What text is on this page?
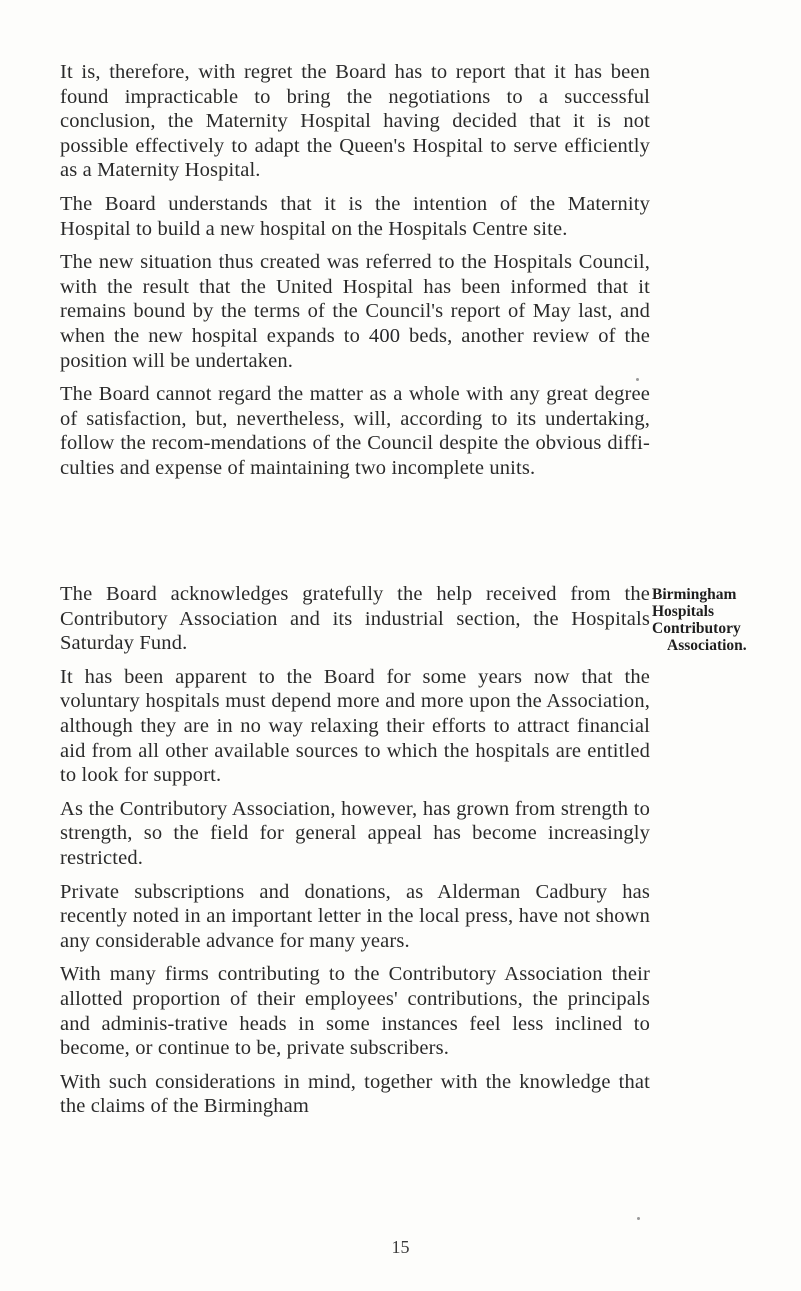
It is, therefore, with regret the Board has to report that it has been found impracticable to bring the negotiations to a successful conclusion, the Maternity Hospital having decided that it is not possible effectively to adapt the Queen's Hospital to serve efficiently as a Maternity Hospital.

The Board understands that it is the intention of the Maternity Hospital to build a new hospital on the Hospitals Centre site.

The new situation thus created was referred to the Hospitals Council, with the result that the United Hospital has been informed that it remains bound by the terms of the Council's report of May last, and when the new hospital expands to 400 beds, another review of the position will be undertaken.

The Board cannot regard the matter as a whole with any great degree of satisfaction, but, nevertheless, will, according to its undertaking, follow the recom-mendations of the Council despite the obvious diffi-culties and expense of maintaining two incomplete units.

The Board acknowledges gratefully the help received from the Contributory Association and its industrial section, the Hospitals Saturday Fund.

It has been apparent to the Board for some years now that the voluntary hospitals must depend more and more upon the Association, although they are in no way relaxing their efforts to attract financial aid from all other available sources to which the hospitals are entitled to look for support.

As the Contributory Association, however, has grown from strength to strength, so the field for general appeal has become increasingly restricted.

Private subscriptions and donations, as Alderman Cadbury has recently noted in an important letter in the local press, have not shown any considerable advance for many years.

With many firms contributing to the Contributory Association their allotted proportion of their employees' contributions, the principals and adminis-trative heads in some instances feel less inclined to become, or continue to be, private subscribers.

With such considerations in mind, together with the knowledge that the claims of the Birmingham

Birmingham
Hospitals
Contributory
Association.
15
